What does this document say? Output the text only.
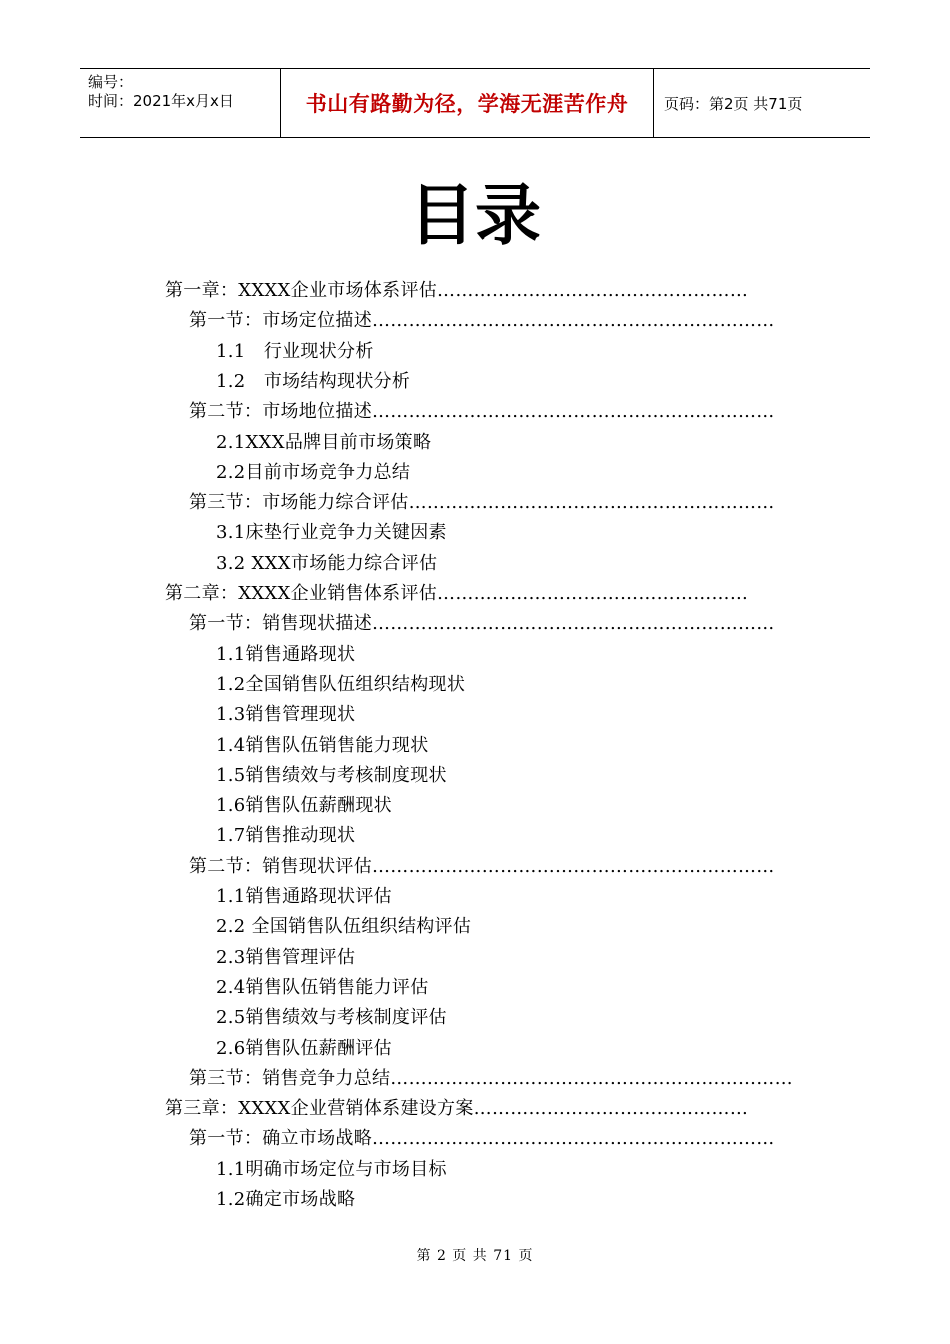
编号：
时间：2021年x月x日	书山有路勤为径，学海无涯苦作舟 页码：第2页 共71页
目录
第一章：XXXX企业市场体系评估……………………………………………
第一节：市场定位描述…………………………………………………………
1.1　行业现状分析
1.2　市场结构现状分析
第二节：市场地位描述…………………………………………………………
2.1XXX品牌目前市场策略
2.2目前市场竞争力总结
第三节：市场能力综合评估……………………………………………………
3.1床垫行业竞争力关键因素
3.2 XXX市场能力综合评估
第二章：XXXX企业销售体系评估……………………………………………
第一节：销售现状描述…………………………………………………………
1.1销售通路现状
1.2全国销售队伍组织结构现状
1.3销售管理现状
1.4销售队伍销售能力现状
1.5销售绩效与考核制度现状
1.6销售队伍薪酬现状
1.7销售推动现状
第二节：销售现状评估…………………………………………………………
1.1销售通路现状评估
2.2 全国销售队伍组织结构评估
2.3销售管理评估
2.4销售队伍销售能力评估
2.5销售绩效与考核制度评估
2.6销售队伍薪酬评估
第三节：销售竞争力总结…………………………………………………………
第三章：XXXX企业营销体系建设方案………………………………………
第一节：确立市场战略…………………………………………………………
1.1明确市场定位与市场目标
1.2确定市场战略
第 2 页 共 71 页
